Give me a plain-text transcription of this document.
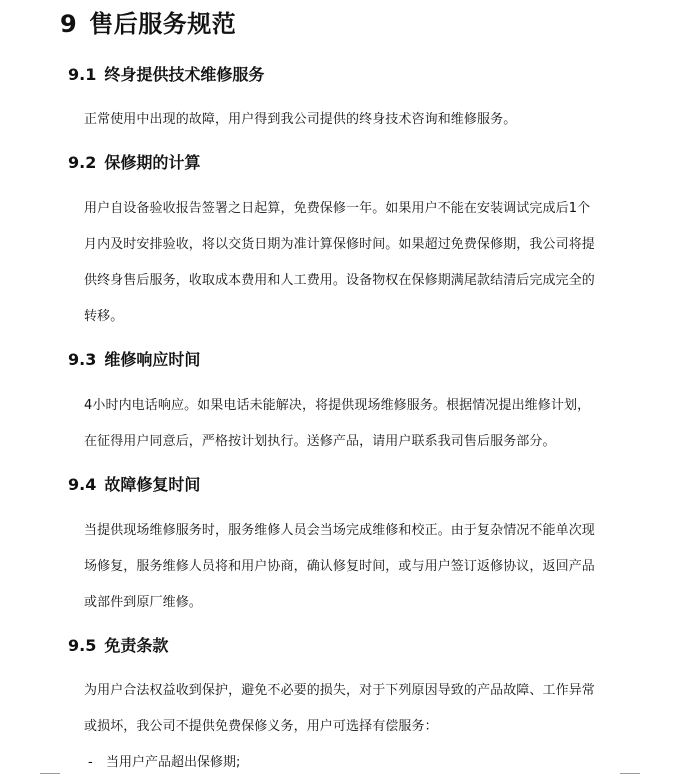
9 售后服务规范
9.1 终身提供技术维修服务
正常使用中出现的故障，用户得到我公司提供的终身技术咨询和维修服务。
9.2 保修期的计算
用户自设备验收报告签署之日起算，免费保修一年。如果用户不能在安装调试完成后1个
月内及时安排验收，将以交货日期为准计算保修时间。如果超过免费保修期，我公司将提
供终身售后服务，收取成本费用和人工费用。设备物权在保修期满尾款结清后完成完全的
转移。
9.3 维修响应时间
4小时内电话响应。如果电话未能解决，将提供现场维修服务。根据情况提出维修计划，
在征得用户同意后，严格按计划执行。送修产品，请用户联系我司售后服务部分。
9.4 故障修复时间
当提供现场维修服务时，服务维修人员会当场完成维修和校正。由于复杂情况不能单次现
场修复，服务维修人员将和用户协商，确认修复时间，或与用户签订返修协议，返回产品
或部件到原厂维修。
9.5 免责条款
为用户合法权益收到保护，避免不必要的损失，对于下列原因导致的产品故障、工作异常
或损坏，我公司不提供免费保修义务，用户可选择有偿服务：
- 当用户产品超出保修期;
